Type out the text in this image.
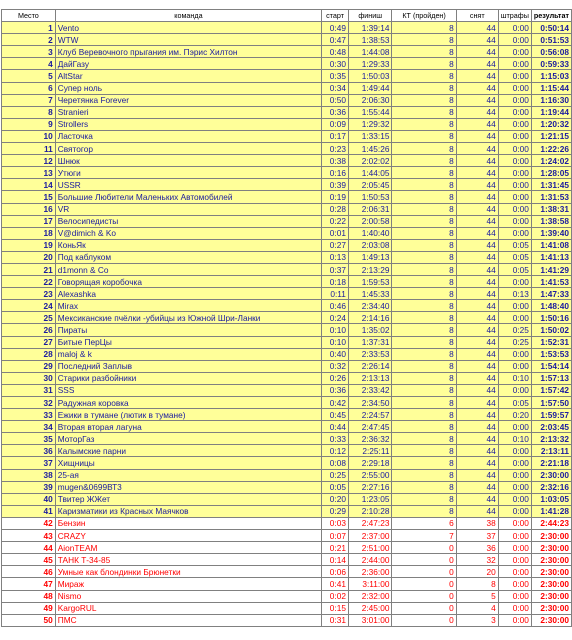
Место	команда	старт	финиш	КТ (пройден)	снят	штрафы	результат
1	Vento	0:49	1:39:14	8	44	0:00	0:50:14
2	WTW	0:47	1:38:53	8	44	0:00	0:51:53
3	Клуб Веревочного прыгания им. Пэрис Хилтон	0:48	1:44:08	8	44	0:00	0:56:08
4	ДайГазу	0:30	1:29:33	8	44	0:00	0:59:33
5	AltStar	0:35	1:50:03	8	44	0:00	1:15:03
6	Супер ноль	0:34	1:49:44	8	44	0:00	1:15:44
7	Черетянка Forever	0:50	2:06:30	8	44	0:00	1:16:30
8	Stranieri	0:36	1:55:44	8	44	0:00	1:19:44
9	Strollers	0:09	1:29:32	8	44	0:00	1:20:32
10	Ласточка	0:17	1:33:15	8	44	0:00	1:21:15
11	Святогор	0:23	1:45:26	8	44	0:00	1:22:26
12	Шнюк	0:38	2:02:02	8	44	0:00	1:24:02
13	Утюги	0:16	1:44:05	8	44	0:00	1:28:05
14	USSR	0:39	2:05:45	8	44	0:00	1:31:45
15	Большие Любители Маленьких Автомобилей	0:19	1:50:53	8	44	0:00	1:31:53
16	VR	0:28	2:06:31	8	44	0:00	1:38:31
17	Велосипедисты	0:22	2:00:58	8	44	0:00	1:38:58
18	V@dimich & Ko	0:01	1:40:40	8	44	0:00	1:39:40
19	КоньЯк	0:27	2:03:08	8	44	0:05	1:41:08
20	Под каблуком	0:13	1:49:13	8	44	0:05	1:41:13
21	d1monn & Co	0:37	2:13:29	8	44	0:05	1:41:29
22	Говорящая коробочка	0:18	1:59:53	8	44	0:00	1:41:53
23	Alexashka	0:11	1:45:33	8	44	0:13	1:47:33
24	Mirax	0:46	2:34:40	8	44	0:00	1:48:40
25	Мексиканские пчёлки -убийцы из Южной Шри-Ланки	0:24	2:14:16	8	44	0:00	1:50:16
26	Пираты	0:10	1:35:02	8	44	0:25	1:50:02
27	Битые ПерЦы	0:10	1:37:31	8	44	0:25	1:52:31
28	maloj & k	0:40	2:33:53	8	44	0:00	1:53:53
29	Последний Заплыв	0:32	2:26:14	8	44	0:00	1:54:14
30	Старики разбойники	0:26	2:13:13	8	44	0:10	1:57:13
31	SSS	0:36	2:33:42	8	44	0:00	1:57:42
32	Радужная коровка	0:42	2:34:50	8	44	0:05	1:57:50
33	Ежики в тумане (лютик в тумане)	0:45	2:24:57	8	44	0:20	1:59:57
34	Вторая вторая лагуна	0:44	2:47:45	8	44	0:00	2:03:45
35	МоторГаз	0:33	2:36:32	8	44	0:10	2:13:32
36	Калымские парни	0:12	2:25:11	8	44	0:00	2:13:11
37	Хищницы	0:08	2:29:18	8	44	0:00	2:21:18
38	25-ая	0:25	2:55:00	8	44	0:00	2:30:00
39	mugen&0699ВТ3	0:05	2:27:16	8	44	0:00	2:32:16
40	Твитер ЖЖет	0:20	1:23:05	8	44	0:00	1:03:05
41	Каризматики из Красных Маячков	0:29	2:10:28	8	44	0:00	1:41:28
42	Бензин	0:03	2:47:23	6	38	0:00	2:44:23
43	CRAZY	0:07	2:37:00	7	37	0:00	2:30:00
44	AionTEAM	0:21	2:51:00	0	36	0:00	2:30:00
45	ТАНК Т-34-85	0:14	2:44:00	0	32	0:00	2:30:00
46	Умные как блондинки Брюнетки	0:06	2:36:00	0	20	0:00	2:30:00
47	Мираж	0:41	3:11:00	0	8	0:00	2:30:00
48	Nismo	0:02	2:32:00	0	5	0:00	2:30:00
49	KargoRUL	0:15	2:45:00	0	4	0:00	2:30:00
50	ПМС	0:31	3:01:00	0	3	0:00	2:30:00
